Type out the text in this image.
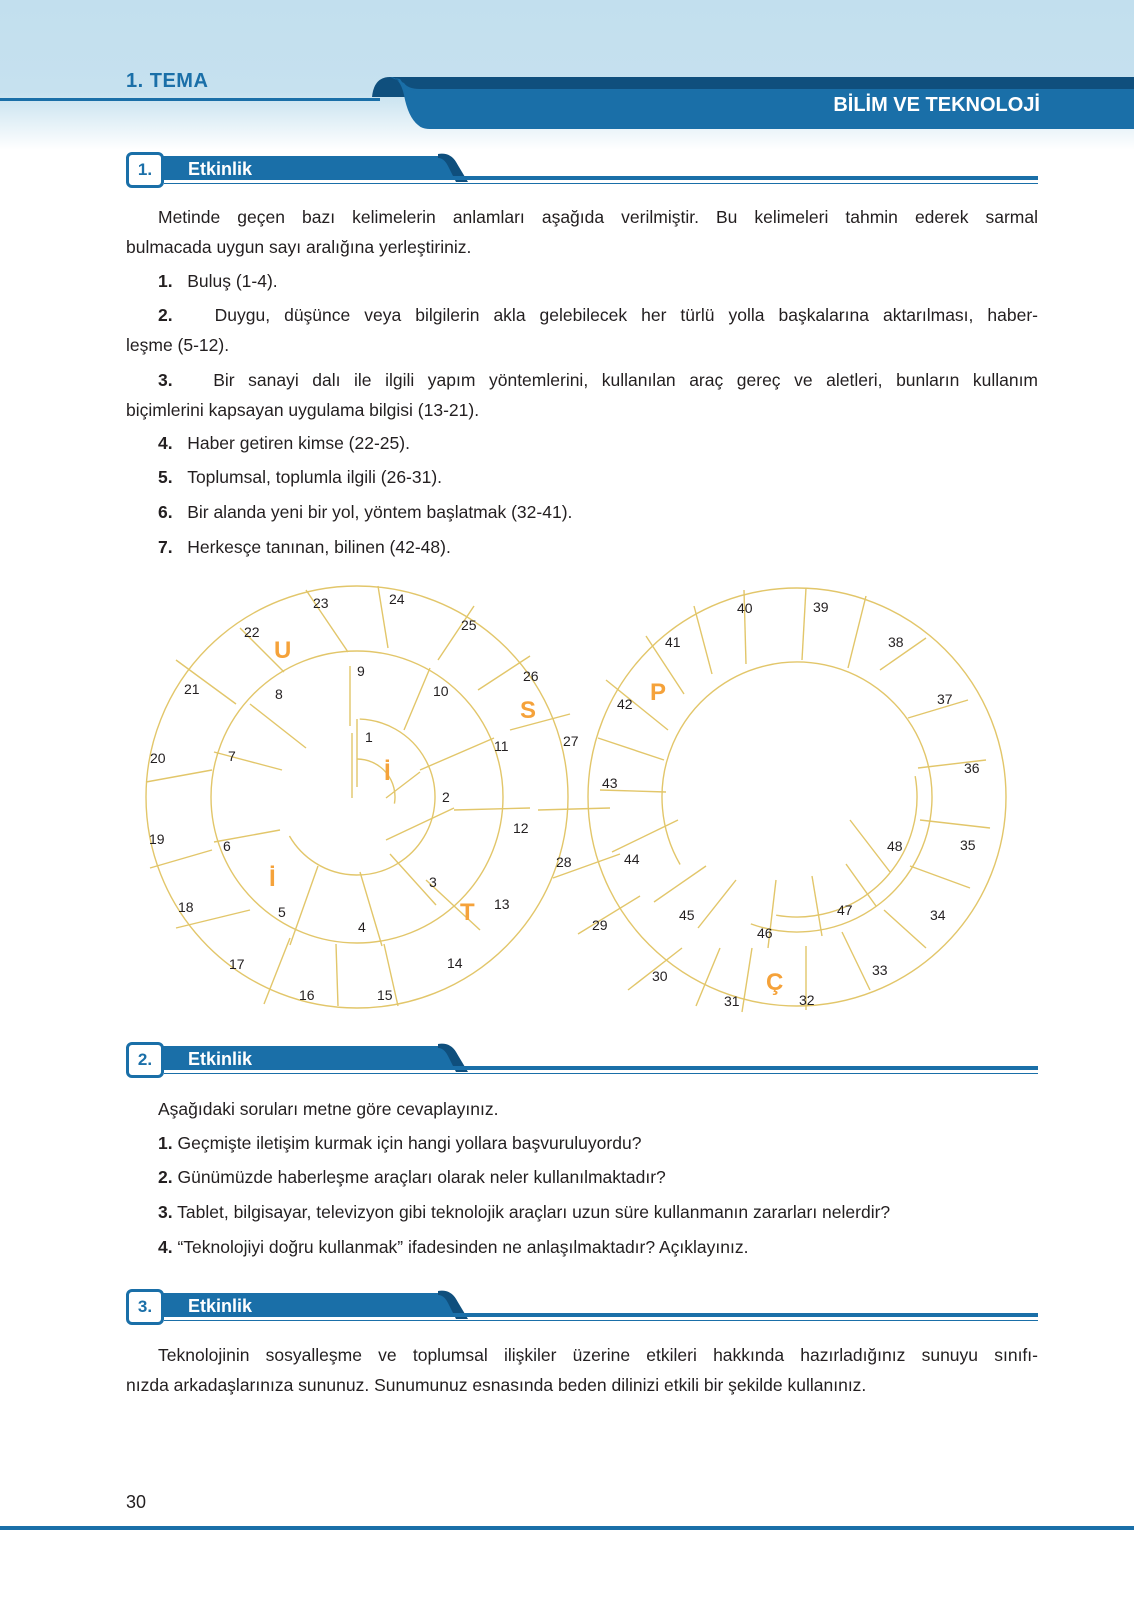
1. TEMA
BİLİM VE TEKNOLOJİ
1.	Etkinlik
Metinde geçen bazı kelimelerin anlamları aşağıda verilmiştir. Bu kelimeleri tahmin ederek sarmal
bulmacada uygun sayı aralığına yerleştiriniz.
1. Buluş (1-4).
2. Duygu, düşünce veya bilgilerin akla gelebilecek her türlü yolla başkalarına aktarılması, haber-
leşme (5-12).
3. Bir sanayi dalı ile ilgili yapım yöntemlerini, kullanılan araç gereç ve aletleri, bunların kullanım
biçimlerini kapsayan uygulama bilgisi (13-21).
4. Haber getiren kimse (22-25).
5. Toplumsal, toplumla ilgili (26-31).
6. Bir alanda yeni bir yol, yöntem başlatmak (32-41).
7. Herkesçe tanınan, bilinen (42-48).
1
2
3
4
5
6
7
8
9
10
11
12
13
14
15
16
17
18
19
20
21
22
23	24
25
26
27
28
29
30
31	32
33
34
35
36
37
38
39
40
41
42
43
44
45
46
47
48
İ
İ
U
S
T
P
Ç
2.	Etkinlik
Aşağıdaki soruları metne göre cevaplayınız.
1. Geçmişte iletişim kurmak için hangi yollara başvuruluyordu?
2. Günümüzde haberleşme araçları olarak neler kullanılmaktadır?
3. Tablet, bilgisayar, televizyon gibi teknolojik araçları uzun süre kullanmanın zararları nelerdir?
4. “Teknolojiyi doğru kullanmak” ifadesinden ne anlaşılmaktadır? Açıklayınız.
3.	Etkinlik
Teknolojinin sosyalleşme ve toplumsal ilişkiler üzerine etkileri hakkında hazırladığınız sunuyu sınıfı-
nızda arkadaşlarınıza sununuz. Sunumunuz esnasında beden dilinizi etkili bir şekilde kullanınız.
30
